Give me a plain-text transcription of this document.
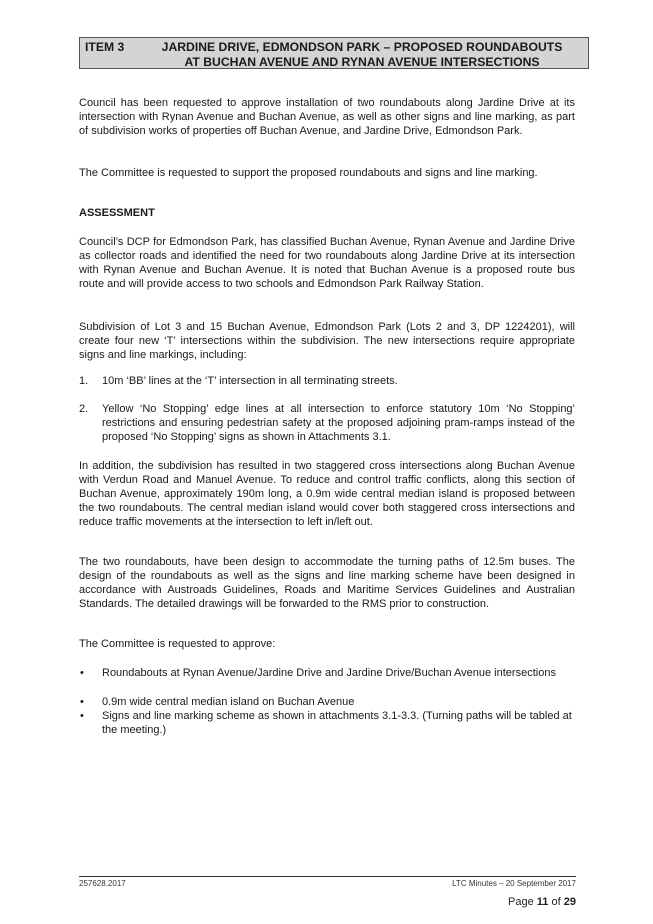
ITEM 3	JARDINE DRIVE, EDMONDSON PARK – PROPOSED ROUNDABOUTS
AT BUCHAN AVENUE AND RYNAN AVENUE INTERSECTIONS

Council has been requested to approve installation of two roundabouts along Jardine Drive at its intersection with Rynan Avenue and Buchan Avenue, as well as other signs and line marking, as part of subdivision works of properties off Buchan Avenue, and Jardine Drive, Edmondson Park.

The Committee is requested to support the proposed roundabouts and signs and line marking.

ASSESSMENT

Council’s DCP for Edmondson Park, has classified Buchan Avenue, Rynan Avenue and Jardine Drive as collector roads and identified the need for two roundabouts along Jardine Drive at its intersection with Rynan Avenue and Buchan Avenue. It is noted that Buchan Avenue is a proposed route bus route and will provide access to two schools and Edmondson Park Railway Station.

Subdivision of Lot 3 and 15 Buchan Avenue, Edmondson Park (Lots 2 and 3, DP 1224201), will create four new ‘T’ intersections within the subdivision. The new intersections require appropriate signs and line markings, including:

1. 10m ‘BB’ lines at the ‘T’ intersection in all terminating streets.
2. Yellow ‘No Stopping’ edge lines at all intersection to enforce statutory 10m ‘No Stopping’ restrictions and ensuring pedestrian safety at the proposed adjoining pram-ramps instead of the proposed ‘No Stopping’ signs as shown in Attachments 3.1.

In addition, the subdivision has resulted in two staggered cross intersections along Buchan Avenue with Verdun Road and Manuel Avenue. To reduce and control traffic conflicts, along this section of Buchan Avenue, approximately 190m long, a 0.9m wide central median island is proposed between the two roundabouts. The central median island would cover both staggered cross intersections and reduce traffic movements at the intersection to left in/left out.

The two roundabouts, have been design to accommodate the turning paths of 12.5m buses. The design of the roundabouts as well as the signs and line marking scheme have been designed in accordance with Austroads Guidelines, Roads and Maritime Services Guidelines and Australian Standards. The detailed drawings will be forwarded to the RMS prior to construction.

The Committee is requested to approve:

• Roundabouts at Rynan Avenue/Jardine Drive and Jardine Drive/Buchan Avenue intersections
• 0.9m wide central median island on Buchan Avenue
• Signs and line marking scheme as shown in attachments 3.1-3.3. (Turning paths will be tabled at the meeting.)
257628.2017	LTC Minutes – 20 September 2017
Page 11 of 29
